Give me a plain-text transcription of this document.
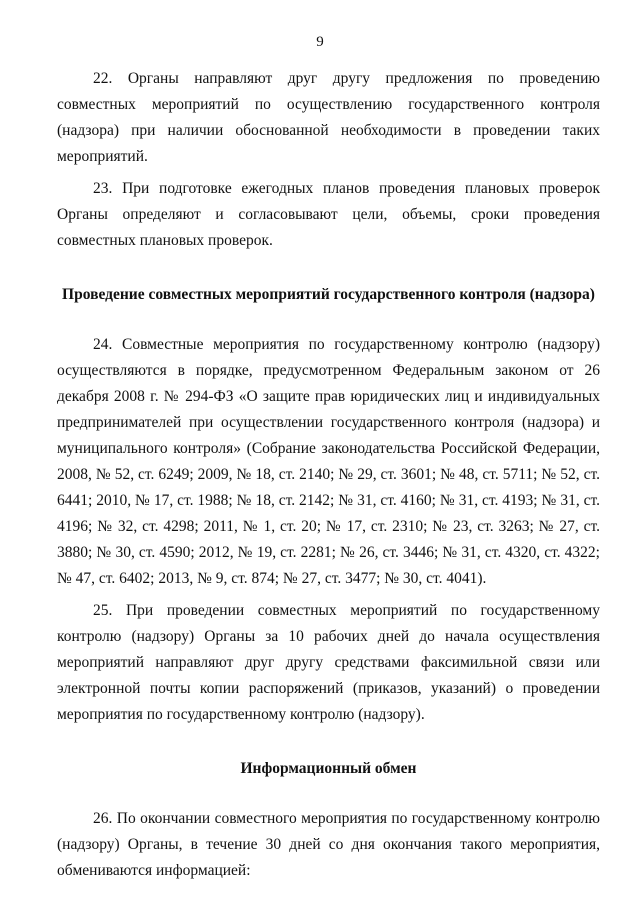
9

22. Органы направляют друг другу предложения по проведению совместных мероприятий по осуществлению государственного контроля (надзора) при наличии обоснованной необходимости в проведении таких мероприятий.

23. При подготовке ежегодных планов проведения плановых проверок Органы определяют и согласовывают цели, объемы, сроки проведения совместных плановых проверок.

Проведение совместных мероприятий государственного контроля (надзора)

24. Совместные мероприятия по государственному контролю (надзору) осуществляются в порядке, предусмотренном Федеральным законом от 26 декабря 2008 г. № 294-ФЗ «О защите прав юридических лиц и индивидуальных предпринимателей при осуществлении государственного контроля (надзора) и муниципального контроля» (Собрание законодательства Российской Федерации, 2008, № 52, ст. 6249; 2009, № 18, ст. 2140; № 29, ст. 3601; № 48, ст. 5711; № 52, ст. 6441; 2010, № 17, ст. 1988; № 18, ст. 2142; № 31, ст. 4160; № 31, ст. 4193; № 31, ст. 4196; № 32, ст. 4298; 2011, № 1, ст. 20; № 17, ст. 2310; № 23, ст. 3263; № 27, ст. 3880; № 30, ст. 4590; 2012, № 19, ст. 2281; № 26, ст. 3446; № 31, ст. 4320, ст. 4322; № 47, ст. 6402; 2013, № 9, ст. 874; № 27, ст. 3477; № 30, ст. 4041).

25. При проведении совместных мероприятий по государственному контролю (надзору) Органы за 10 рабочих дней до начала осуществления мероприятий направляют друг другу средствами факсимильной связи или электронной почты копии распоряжений (приказов, указаний) о проведении мероприятия по государственному контролю (надзору).

Информационный обмен

26. По окончании совместного мероприятия по государственному контролю (надзору) Органы, в течение 30 дней со дня окончания такого мероприятия, обмениваются информацией:
